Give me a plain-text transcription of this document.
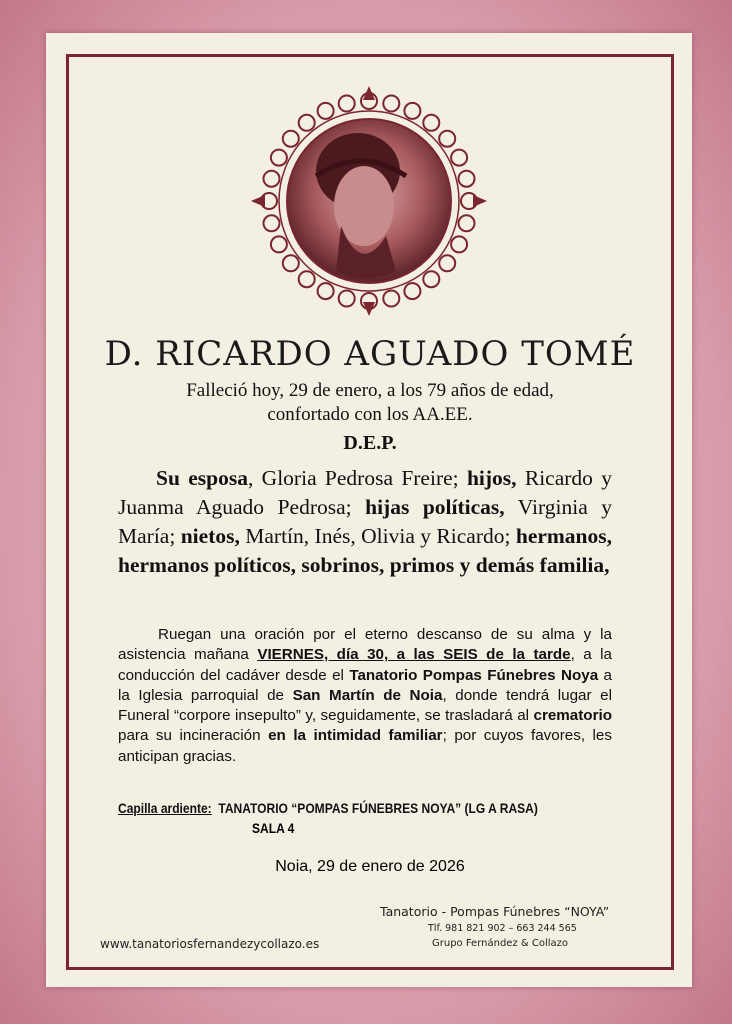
D. RICARDO AGUADO TOMÉ
Falleció hoy, 29 de enero, a los 79 años de edad,
confortado con los AA.EE.
D.E.P.
Su esposa, Gloria Pedrosa Freire; hijos, Ricardo y Juanma Aguado Pedrosa; hijas políticas, Virginia y María; nietos, Martín, Inés, Olivia y Ricardo; hermanos, hermanos políticos, sobrinos, primos y demás familia,
Ruegan una oración por el eterno descanso de su alma y la asistencia mañana VIERNES, día 30, a las SEIS de la tarde, a la conducción del cadáver desde el Tanatorio Pompas Fúnebres Noya a la Iglesia parroquial de San Martín de Noia, donde tendrá lugar el Funeral “corpore insepulto” y, seguidamente, se trasladará al crematorio para su incineración en la intimidad familiar; por cuyos favores, les anticipan gracias.
Capilla ardiente: TANATORIO “POMPAS FÚNEBRES NOYA” (LG A RASA)
SALA 4
Noia, 29 de enero de 2026
Tanatorio - Pompas Fúnebres “NOYA”
Tlf. 981 821 902 – 663 244 565
Grupo Fernández & Collazo
www.tanatoriosfernandezycollazo.es
